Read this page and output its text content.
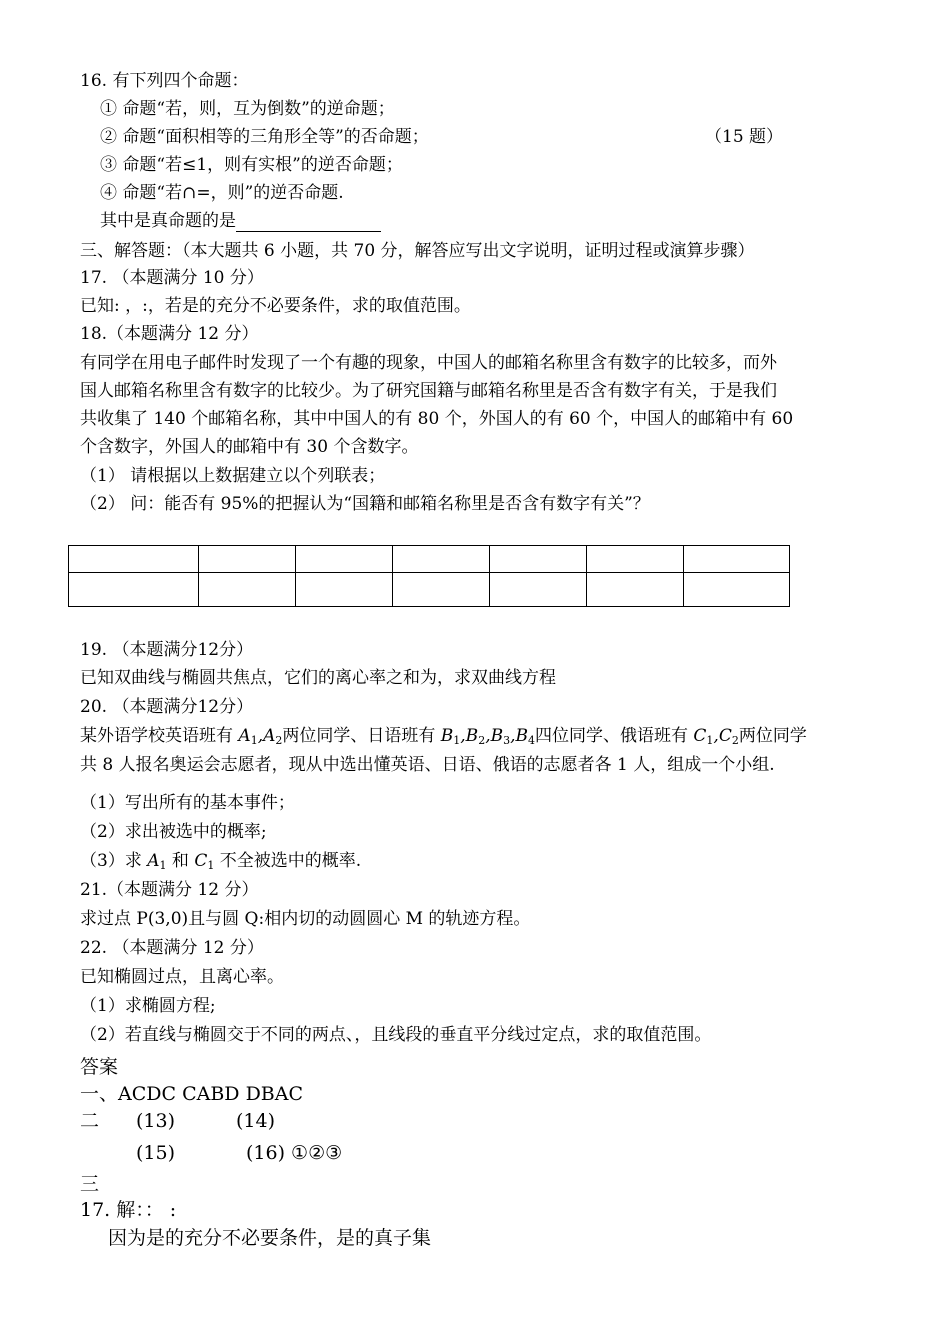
16. 有下列四个命题：
① 命题“若，则，互为倒数”的逆命题；
② 命题“面积相等的三角形全等”的否命题；	（15 题）
③ 命题“若≤1，则有实根”的逆否命题；
④ 命题“若∩=，则”的逆否命题.
其中是真命题的是
三、解答题：（本大题共 6 小题，共 70 分，解答应写出文字说明，证明过程或演算步骤）
17. （本题满分 10 分）
已知: ，:，若是的充分不必要条件，求的取值范围。
18.（本题满分 12 分）
有同学在用电子邮件时发现了一个有趣的现象，中国人的邮箱名称里含有数字的比较多，而外
国人邮箱名称里含有数字的比较少。为了研究国籍与邮箱名称里是否含有数字有关，于是我们
共收集了 140 个邮箱名称，其中中国人的有 80 个，外国人的有 60 个，中国人的邮箱中有 60
个含数字，外国人的邮箱中有 30 个含数字。
（1） 请根据以上数据建立以个列联表；
（2） 问：能否有 95%的把握认为“国籍和邮箱名称里是否含有数字有关”？

19. （本题满分12分）
已知双曲线与椭圆共焦点，它们的离心率之和为，求双曲线方程
20. （本题满分12分）
某外语学校英语班有 $A_1,A_2$两位同学、日语班有 $B_1,B_2,B_3,B_4$四位同学、俄语班有 $C_1,C_2$两位同学
共 8 人报名奥运会志愿者，现从中选出懂英语、日语、俄语的志愿者各 1 人，组成一个小组.
（1）写出所有的基本事件；
（2）求出被选中的概率;
（3）求 $A_1$ 和 $C_1$ 不全被选中的概率.
21.（本题满分 12 分）
求过点 P(3,0)且与圆 Q:相内切的动圆圆心 M 的轨迹方程。
22. （本题满分 12 分）
已知椭圆过点，且离心率。
（1）求椭圆方程;
（2）若直线与椭圆交于不同的两点、，且线段的垂直平分线过定点，求的取值范围。
答案
一、ACDC CABD DBAC
二 (13)	(14)
(15)	(16) ①②③
三
17. 解：： :
因为是的充分不必要条件，是的真子集
